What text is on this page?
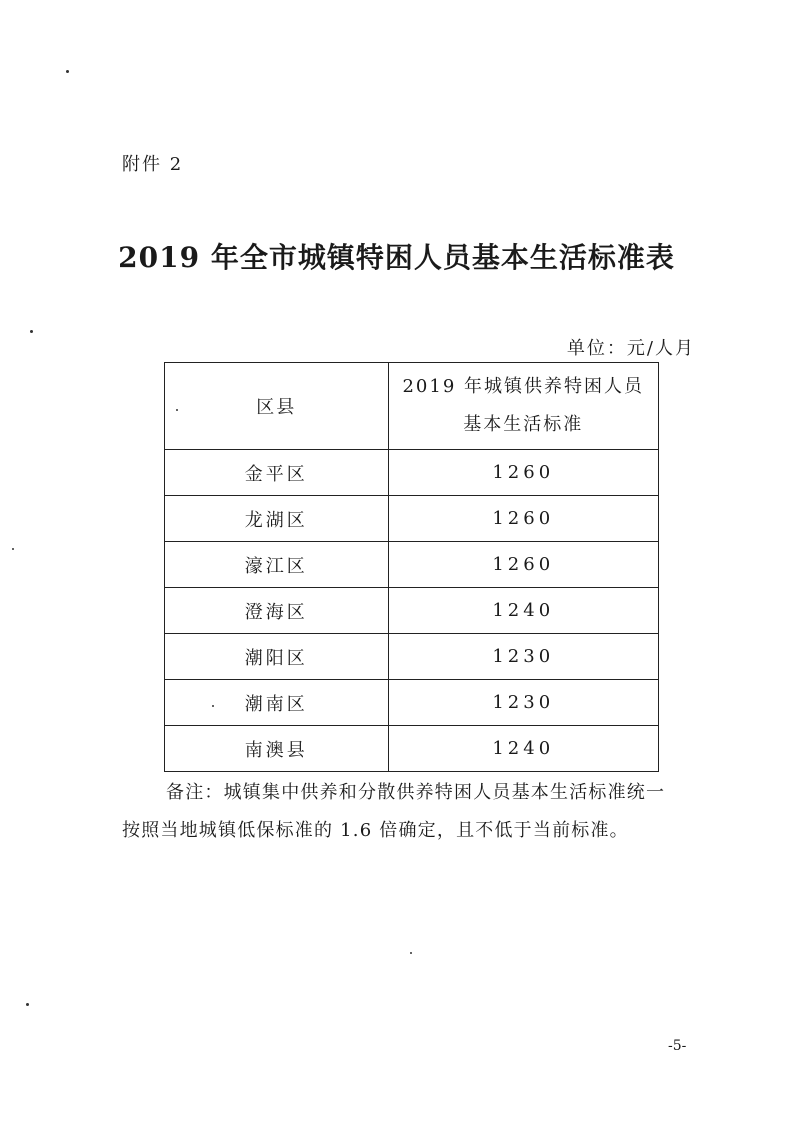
附件 2
2019 年全市城镇特困人员基本生活标准表
单位：元/人月
区县	2019 年城镇供养特困人员
基本生活标准

金平区	1260
龙湖区	1260
濠江区	1260
澄海区	1240
潮阳区	1230
潮南区	1230
南澳县	1240
备注：城镇集中供养和分散供养特困人员基本生活标准统一
按照当地城镇低保标准的 1.6 倍确定，且不低于当前标准。
-5-
